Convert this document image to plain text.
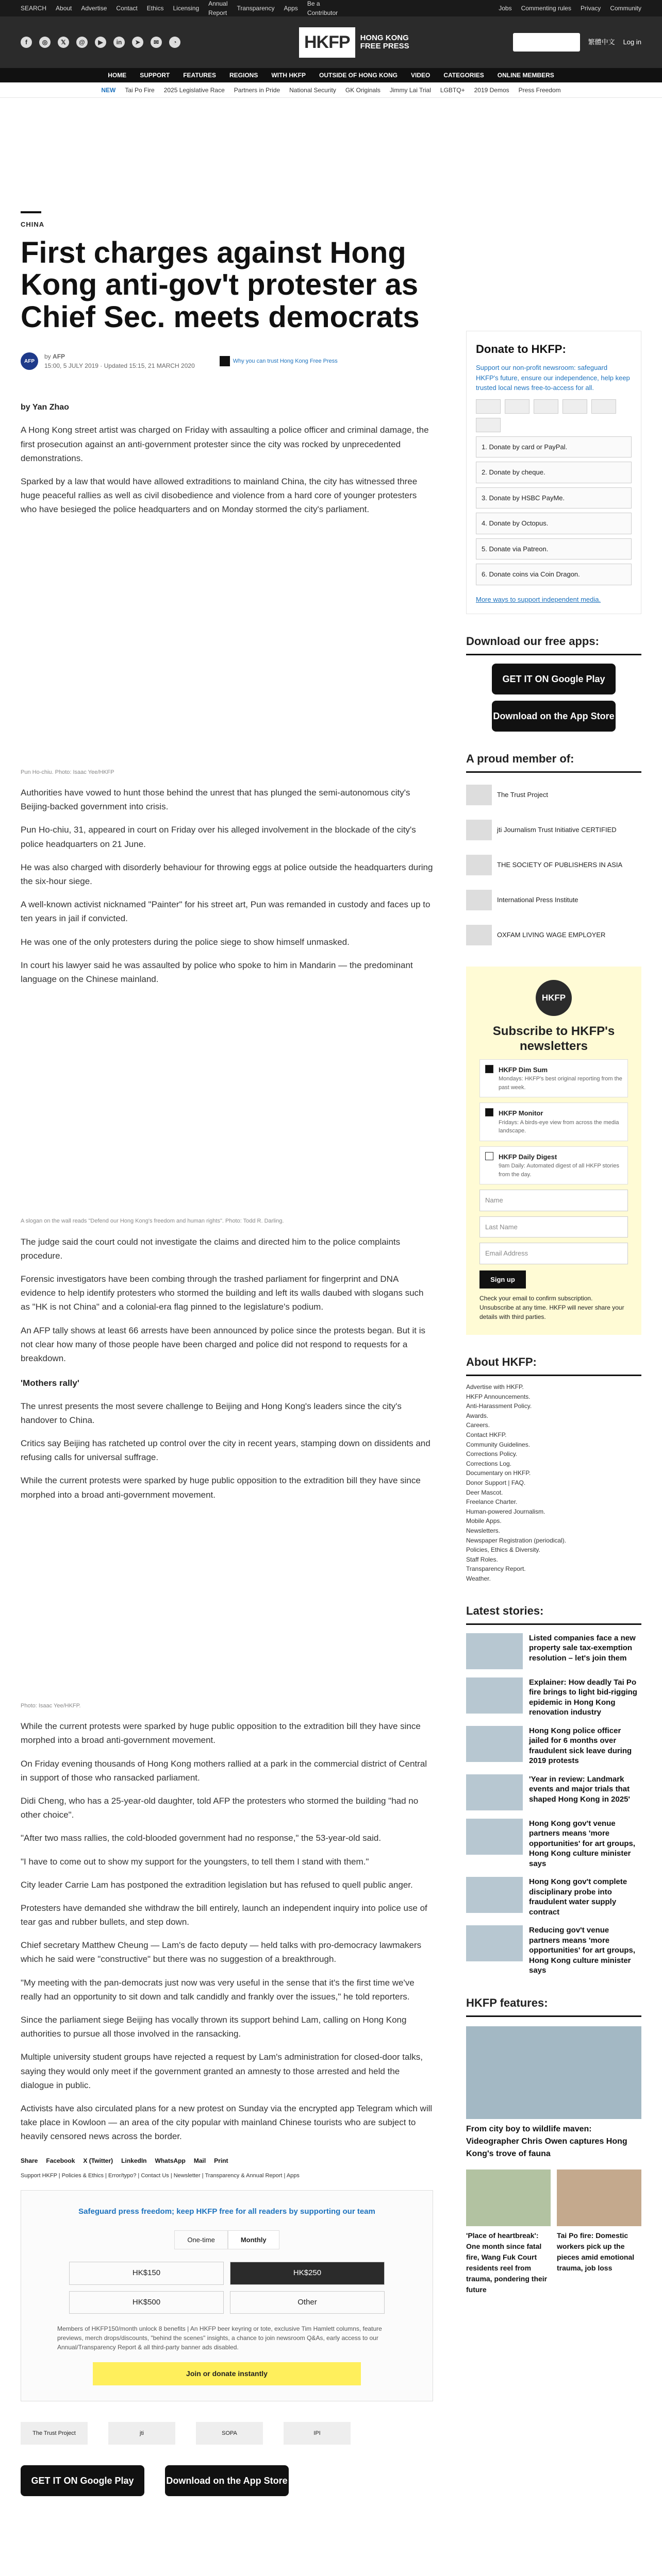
SEARCH About Advertise Contact Ethics Licensing
Annual Report
Transparency Apps
Be a Contributor
Jobs Commenting rules Privacy Community
f	◎	𝕏	@	▶	in	➤	✉	◔	HKFP	HONG KONG
FREE PRESS	SUPPORT HKFP	繁體中文 Log in
HOME SUPPORT FEATURES REGIONS WITH HKFP OUTSIDE OF HONG KONG VIDEO CATEGORIES ONLINE MEMBERS
NEW Tai Po Fire 2025 Legislative Race Partners in Pride National Security GK Originals Jimmy Lai Trial LGBTQ+ 2019 Demos Press Freedom
CHINA
First charges against Hong Kong anti-gov't protester as Chief Sec. meets democrats
AFP
by AFP
15:00, 5 JULY 2019 · Updated 15:15, 21 MARCH 2020
Why you can trust Hong Kong Free Press
by Yan Zhao

A Hong Kong street artist was charged on Friday with assaulting a police officer and criminal damage, the first prosecution against an anti-government protester since the city was rocked by unprecedented demonstrations.

Sparked by a law that would have allowed extraditions to mainland China, the city has witnessed three huge peaceful rallies as well as civil disobedience and violence from a hard core of younger protesters who have besieged the police headquarters and on Monday stormed the city's parliament.

Pun Ho-chiu. Photo: Isaac Yee/HKFP

Authorities have vowed to hunt those behind the unrest that has plunged the semi-autonomous city's Beijing-backed government into crisis.

Pun Ho-chiu, 31, appeared in court on Friday over his alleged involvement in the blockade of the city's police headquarters on 21 June.

He was also charged with disorderly behaviour for throwing eggs at police outside the headquarters during the six-hour siege.

A well-known activist nicknamed "Painter" for his street art, Pun was remanded in custody and faces up to ten years in jail if convicted.

He was one of the only protesters during the police siege to show himself unmasked.

In court his lawyer said he was assaulted by police who spoke to him in Mandarin — the predominant language on the Chinese mainland.

A slogan on the wall reads "Defend our Hong Kong's freedom and human rights". Photo: Todd R. Darling.

The judge said the court could not investigate the claims and directed him to the police complaints procedure.

Forensic investigators have been combing through the trashed parliament for fingerprint and DNA evidence to help identify protesters who stormed the building and left its walls daubed with slogans such as "HK is not China" and a colonial-era flag pinned to the legislature's podium.

An AFP tally shows at least 66 arrests have been announced by police since the protests began. But it is not clear how many of those people have been charged and police did not respond to requests for a breakdown.

'Mothers rally'

The unrest presents the most severe challenge to Beijing and Hong Kong's leaders since the city's handover to China.

Critics say Beijing has ratcheted up control over the city in recent years, stamping down on dissidents and refusing calls for universal suffrage.

While the current protests were sparked by huge public opposition to the extradition bill they have since morphed into a broad anti-government movement.

Photo: Isaac Yee/HKFP.

While the current protests were sparked by huge public opposition to the extradition bill they have since morphed into a broad anti-government movement.

On Friday evening thousands of Hong Kong mothers rallied at a park in the commercial district of Central in support of those who ransacked parliament.

Didi Cheng, who has a 25-year-old daughter, told AFP the protesters who stormed the building "had no other choice".

"After two mass rallies, the cold-blooded government had no response," the 53-year-old said.

"I have to come out to show my support for the youngsters, to tell them I stand with them."

City leader Carrie Lam has postponed the extradition legislation but has refused to quell public anger.

Protesters have demanded she withdraw the bill entirely, launch an independent inquiry into police use of tear gas and rubber bullets, and step down.

Chief secretary Matthew Cheung — Lam's de facto deputy — held talks with pro-democracy lawmakers which he said were "constructive" but there was no suggestion of a breakthrough.

"My meeting with the pan-democrats just now was very useful in the sense that it's the first time we've really had an opportunity to sit down and talk candidly and frankly over the issues," he told reporters.

Since the parliament siege Beijing has vocally thrown its support behind Lam, calling on Hong Kong authorities to pursue all those involved in the ransacking.

Multiple university student groups have rejected a request by Lam's administration for closed-door talks, saying they would only meet if the government granted an amnesty to those arrested and held the dialogue in public.

Activists have also circulated plans for a new protest on Sunday via the encrypted app Telegram which will take place in Kowloon — an area of the city popular with mainland Chinese tourists who are subject to heavily censored news across the border.

Share Facebook X (Twitter) LinkedIn WhatsApp Mail Print
Support HKFP | Policies & Ethics | Error/typo? | Contact Us | Newsletter | Transparency & Annual Report | Apps
Safeguard press freedom; keep HKFP free for all readers by supporting our team
One-time	Monthly
HK$150	HK$250
HK$500	Other
Members of HKFP150/month unlock 8 benefits | An HKFP beer keyring or tote, exclusive Tim Hamlett columns, feature previews, merch drops/discounts, "behind the scenes" insights, a chance to join newsroom Q&As, early access to our Annual/Transparency Report & all third-party banner ads disabled.
Join or donate instantly
The Trust Project	jti	SOPA	IPI
GET IT ON Google Play	Download on the App Store
Donate to HKFP:
Support our non-profit newsroom: safeguard HKFP's future, ensure our independence, help keep trusted local news free-to-access for all.
1. Donate by card or PayPal.
2. Donate by cheque.
3. Donate by HSBC PayMe.
4. Donate by Octopus.
5. Donate via Patreon.
6. Donate coins via Coin Dragon.
More ways to support independent media.
Download our free apps:
GET IT ON Google Play
Download on the App Store
A proud member of:
The Trust Project
jti Journalism Trust Initiative CERTIFIED
THE SOCIETY OF PUBLISHERS IN ASIA
International Press Institute
OXFAM LIVING WAGE EMPLOYER
HKFP
Subscribe to HKFP's newsletters
HKFP Dim Sum
Mondays: HKFP's best original reporting from the past week.
HKFP Monitor
Fridays: A birds-eye view from across the media landscape.
HKFP Daily Digest
9am Daily: Automated digest of all HKFP stories from the day.
Name
Last Name
Email Address
Sign up
Check your email to confirm subscription. Unsubscribe at any time. HKFP will never share your details with third parties.
About HKFP:
Advertise with HKFP.
HKFP Announcements.
Anti-Harassment Policy.
Awards.
Careers.
Contact HKFP.
Community Guidelines.
Corrections Policy.
Corrections Log.
Documentary on HKFP.
Donor Support | FAQ.
Deer Mascot.
Freelance Charter.
Human-powered Journalism.
Mobile Apps.
Newsletters.
Newspaper Registration (periodical).
Policies, Ethics & Diversity.
Staff Roles.
Transparency Report.
Weather.
Latest stories:
Listed companies face a new property sale tax-exemption resolution – let's join them
Explainer: How deadly Tai Po fire brings to light bid-rigging epidemic in Hong Kong renovation industry
Hong Kong police officer jailed for 6 months over fraudulent sick leave during 2019 protests
'Year in review: Landmark events and major trials that shaped Hong Kong in 2025'
Hong Kong gov't venue partners means 'more opportunities' for art groups, Hong Kong culture minister says
Hong Kong gov't complete disciplinary probe into fraudulent water supply contract
Reducing gov't venue partners means 'more opportunities' for art groups, Hong Kong culture minister says
HKFP features:
From city boy to wildlife maven: Videographer Chris Owen captures Hong Kong's trove of fauna
'Place of heartbreak': One month since fatal fire, Wang Fuk Court residents reel from trauma, pondering their future
Tai Po fire: Domestic workers pick up the pieces amid emotional trauma, job loss
